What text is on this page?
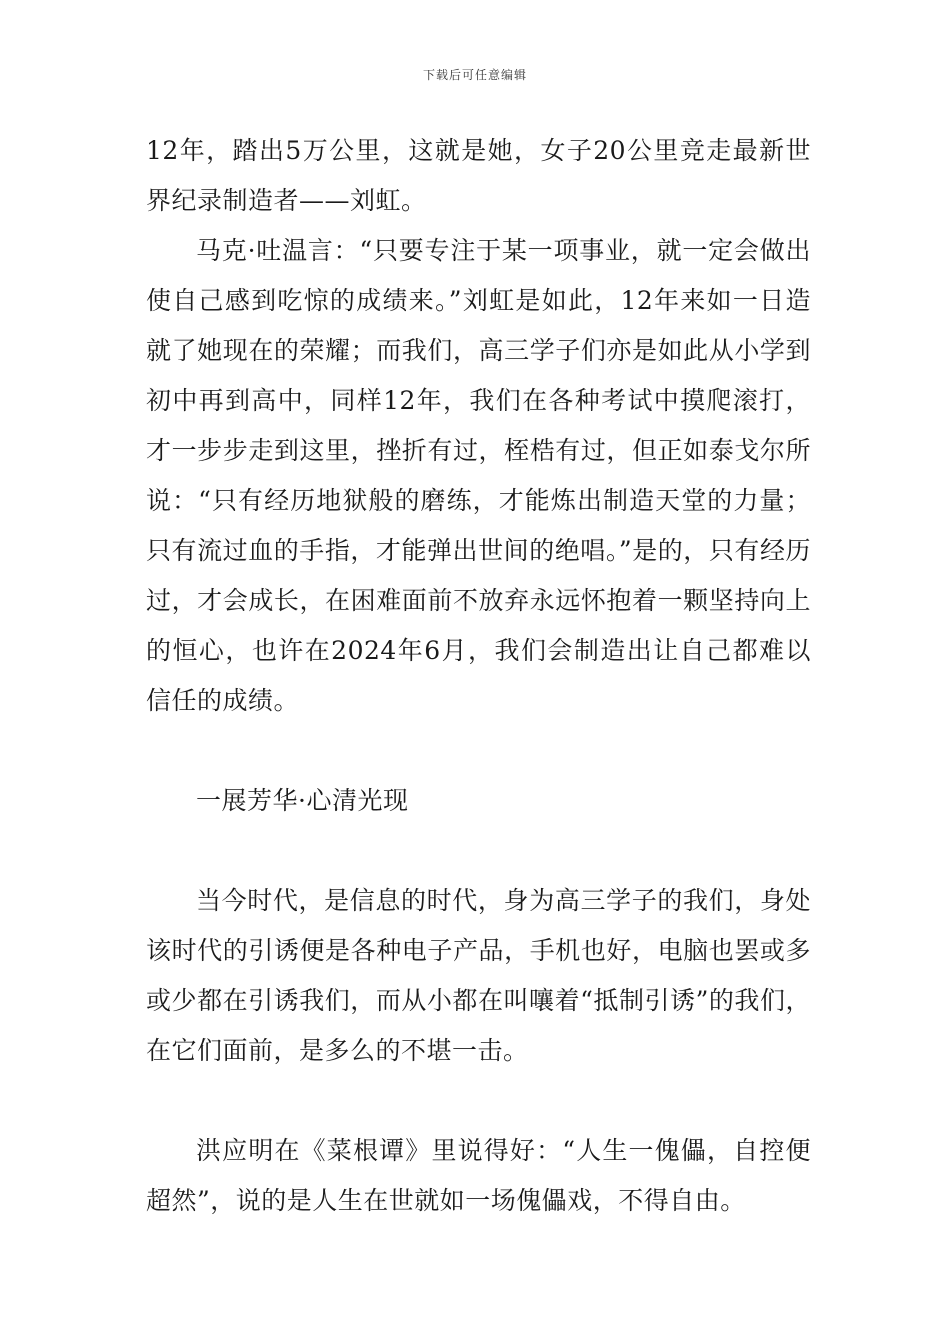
下载后可任意编辑

12年，踏出5万公里，这就是她，女子20公里竞走最新世界纪录制造者——刘虹。

马克·吐温言：“只要专注于某一项事业，就一定会做出使自己感到吃惊的成绩来。”刘虹是如此，12年来如一日造就了她现在的荣耀；而我们，高三学子们亦是如此从小学到初中再到高中，同样12年，我们在各种考试中摸爬滚打，才一步步走到这里，挫折有过，桎梏有过，但正如泰戈尔所说：“只有经历地狱般的磨练，才能炼出制造天堂的力量；只有流过血的手指，才能弹出世间的绝唱。”是的，只有经历过，才会成长，在困难面前不放弃永远怀抱着一颗坚持向上的恒心，也许在2024年6月，我们会制造出让自己都难以信任的成绩。

一展芳华·心清光现

当今时代，是信息的时代，身为高三学子的我们，身处该时代的引诱便是各种电子产品，手机也好，电脑也罢或多或少都在引诱我们，而从小都在叫嚷着“抵制引诱”的我们，在它们面前，是多么的不堪一击。

洪应明在《菜根谭》里说得好：“人生一傀儡，自控便超然”，说的是人生在世就如一场傀儡戏，不得自由。
